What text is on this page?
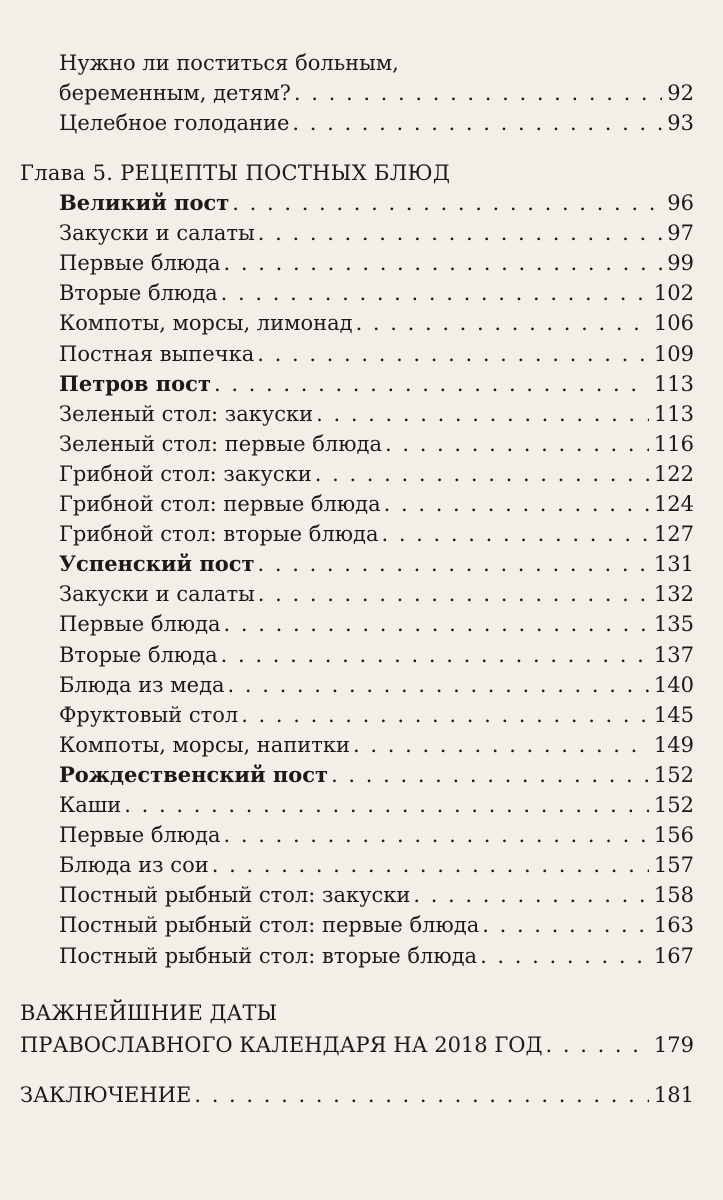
Нужно ли поститься больным,
беременным, детям? . . .	92
Целебное голодание . . .	93
Глава 5. РЕЦЕПТЫ ПОСТНЫХ БЛЮД
Великий пост . . .	96
Закуски и салаты . . .	97
Первые блюда . . .	99
Вторые блюда . . .	102
Компоты, морсы, лимонад . . .	106
Постная выпечка . . .	109
Петров пост . . .	113
Зеленый стол: закуски . . .	113
Зеленый стол: первые блюда . . .	116
Грибной стол: закуски . . .	122
Грибной стол: первые блюда . . .	124
Грибной стол: вторые блюда . . .	127
Успенский пост . . .	131
Закуски и салаты . . .	132
Первые блюда . . .	135
Вторые блюда . . .	137
Блюда из меда . . .	140
Фруктовый стол . . .	145
Компоты, морсы, напитки . . .	149
Рождественский пост . . .	152
Каши . . .	152
Первые блюда . . .	156
Блюда из сои . . .	157
Постный рыбный стол: закуски . . .	158
Постный рыбный стол: первые блюда . . .	163
Постный рыбный стол: вторые блюда . . .	167
ВАЖНЕЙШНИЕ ДАТЫ
ПРАВОСЛАВНОГО КАЛЕНДАРЯ НА 2018 ГОД . . .	179
ЗАКЛЮЧЕНИЕ . . .	181
